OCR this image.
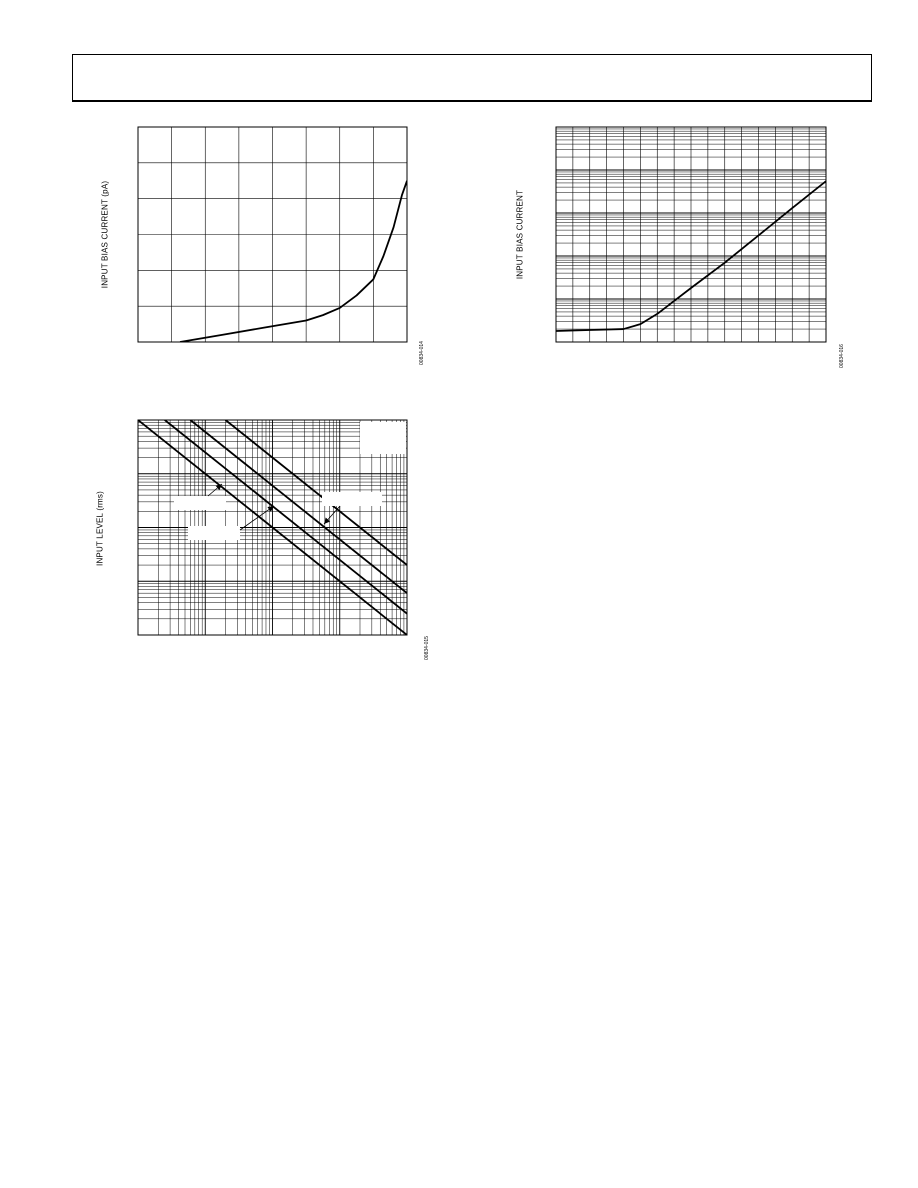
INPUT BIAS CURRENT (pA)
00834-014
INPUT BIAS CURRENT
00834-016
INPUT LEVEL (rms)
00834-015
